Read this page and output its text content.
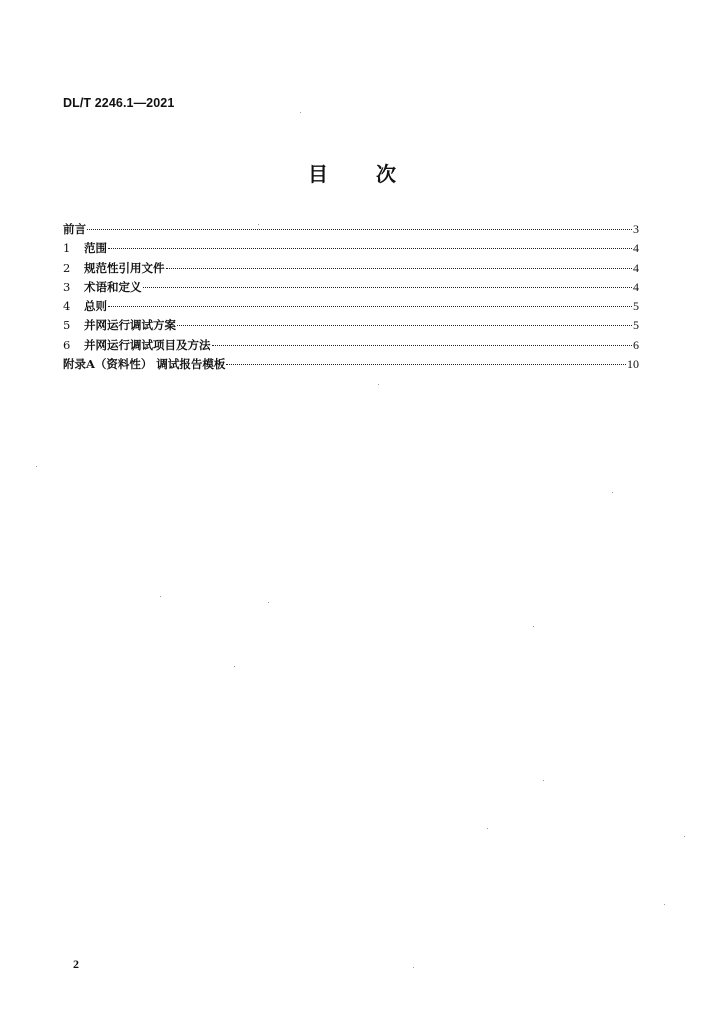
DL/T 2246.1—2021
目 次
前言	3
1	范围	4
2	规范性引用文件	4
3	术语和定义	4
4	总则	5
5	并网运行调试方案	5
6	并网运行调试项目及方法	6
附录A（资料性） 调试报告模板	10
2
